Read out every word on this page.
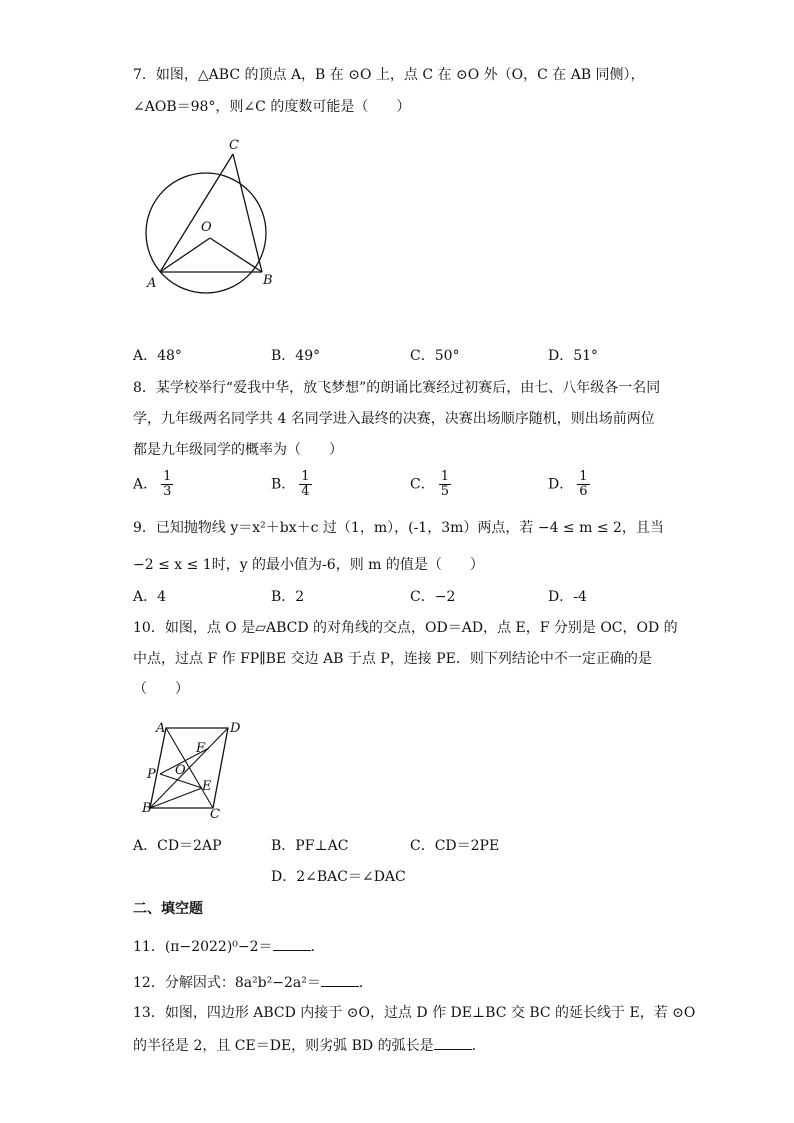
7．如图，△ABC 的顶点 A，B 在 ⊙O 上，点 C 在 ⊙O 外（O，C 在 AB 同侧），
∠AOB＝98°，则∠C 的度数可能是（　　）
C
O
A	B
A．48°	B．49°	C．50°	D．51°
8．某学校举行“爱我中华，放飞梦想”的朗诵比赛经过初赛后，由七、八年级各一名同
学，九年级两名同学共 4 名同学进入最终的决赛，决赛出场顺序随机，则出场前两位
都是九年级同学的概率为（　　）
A． $\frac{1}{3}$	B． $\frac{1}{4}$	C． $\frac{1}{5}$	D． $\frac{1}{6}$
9．已知抛物线 y＝x²＋bx＋c 过（1，m），(-1，3m）两点，若 −4 ≤ m ≤ 2，且当
−2 ≤ x ≤ 1时，y 的最小值为-6，则 m 的值是（　　）
A．4	B．2	C．−2	D．-4
10．如图，点 O 是▱ABCD 的对角线的交点，OD＝AD，点 E，F 分别是 OC，OD 的
中点，过点 F 作 FP∥BE 交边 AB 于点 P，连接 PE．则下列结论中不一定正确的是
（　　）
A	D
F
O
P
E
B	C
A．CD＝2AP	B．PF⊥AC	C．CD＝2PE
D．2∠BAC＝∠DAC
二、填空题
11．(π−2022)⁰−2＝	．
12．分解因式：8a²b²−2a²＝	．
13．如图，四边形 ABCD 内接于 ⊙O，过点 D 作 DE⊥BC 交 BC 的延长线于 E，若 ⊙O
的半径是 2，且 CE＝DE，则劣弧 BD 的弧长是	．
